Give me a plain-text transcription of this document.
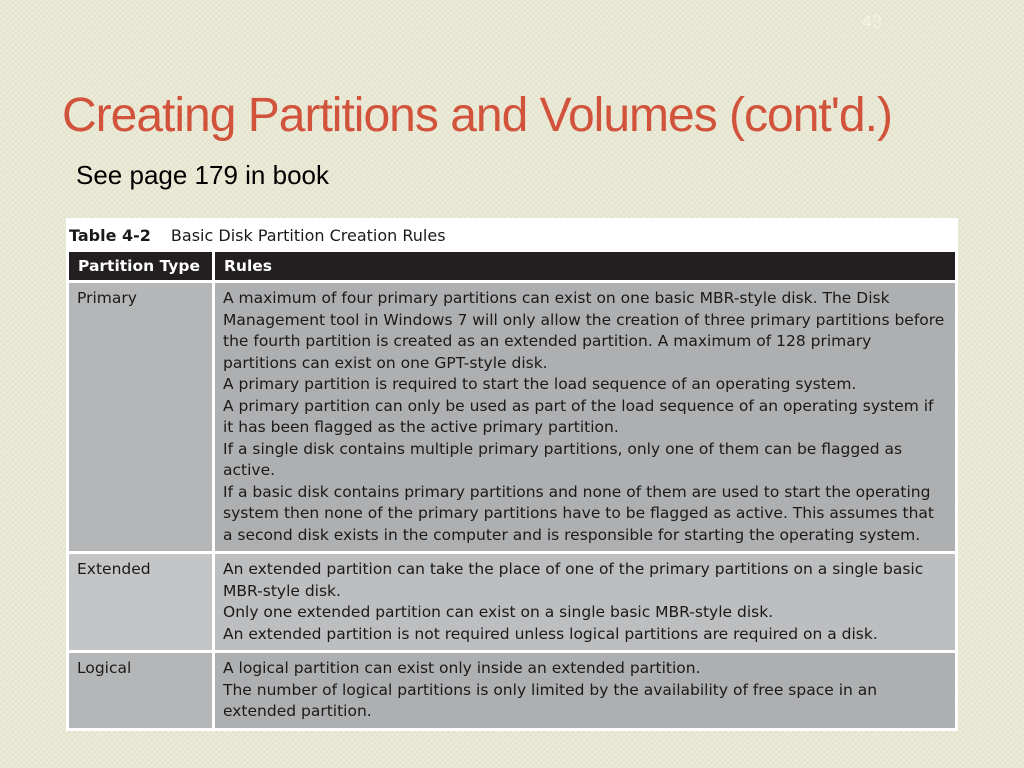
43
Creating Partitions and Volumes (cont'd.)
See page 179 in book
Table 4-2 Basic Disk Partition Creation Rules
Partition Type	Rules
Primary	A maximum of four primary partitions can exist on one basic MBR-style disk. The Disk Management tool in Windows 7 will only allow the creation of three primary partitions before the fourth partition is created as an extended partition. A maximum of 128 primary partitions can exist on one GPT-style disk.
A primary partition is required to start the load sequence of an operating system.
A primary partition can only be used as part of the load sequence of an operating system if it has been flagged as the active primary partition.
If a single disk contains multiple primary partitions, only one of them can be flagged as active.
If a basic disk contains primary partitions and none of them are used to start the operating system then none of the primary partitions have to be flagged as active. This assumes that a second disk exists in the computer and is responsible for starting the operating system.

Extended	An extended partition can take the place of one of the primary partitions on a single basic MBR-style disk.
Only one extended partition can exist on a single basic MBR-style disk.
An extended partition is not required unless logical partitions are required on a disk.

Logical	A logical partition can exist only inside an extended partition.
The number of logical partitions is only limited by the availability of free space in an extended partition.
